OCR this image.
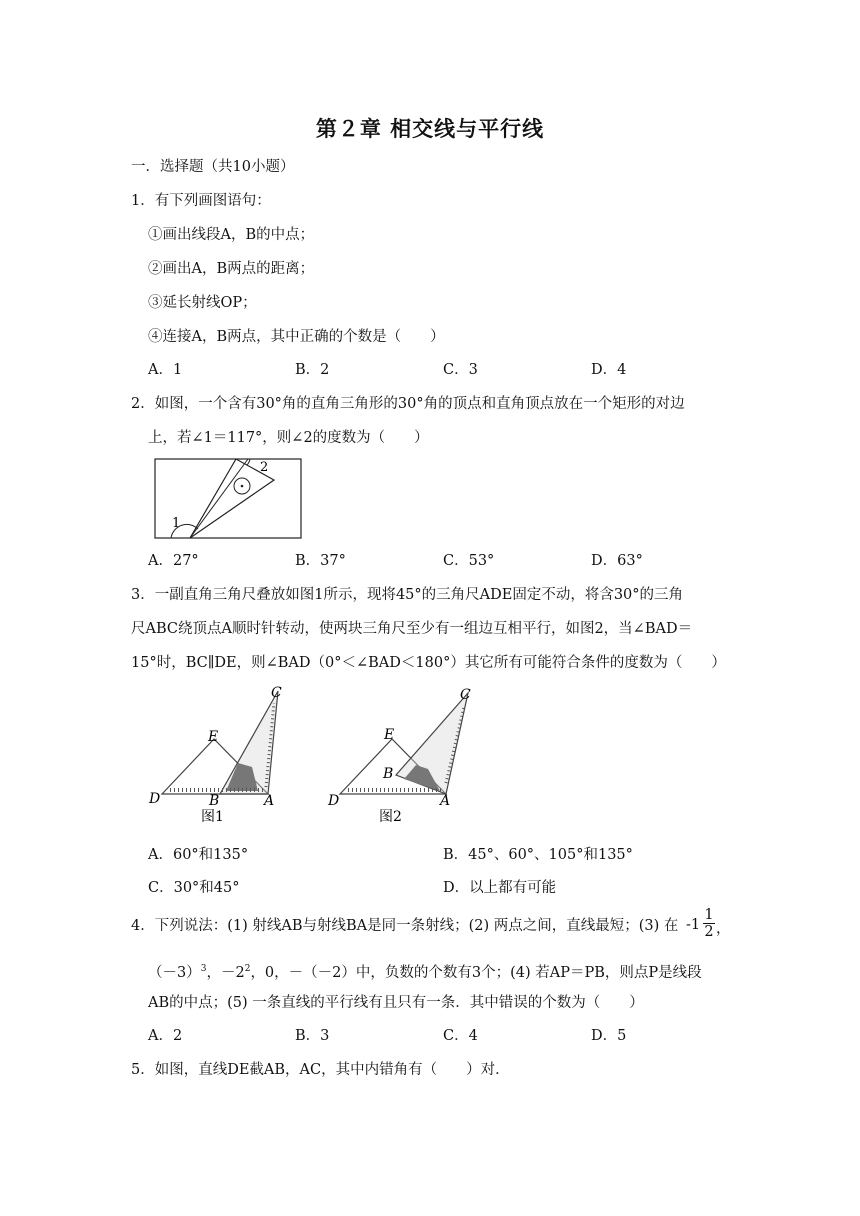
第２章 相交线与平行线
一．选择题（共10小题）
1．有下列画图语句：
①画出线段A，B的中点；
②画出A，B两点的距离；
③延长射线OP；
④连接A，B两点，其中正确的个数是（　　）
A．1	B．2	C．3	D．4
2．如图，一个含有30°角的直角三角形的30°角的顶点和直角顶点放在一个矩形的对边
上，若∠1＝117°，则∠2的度数为（　　）
1
2
A．27°	B．37°	C．53°	D．63°
3．一副直角三角尺叠放如图1所示，现将45°的三角尺ADE固定不动，将含30°的三角
尺ABC绕顶点A顺时针转动，使两块三角尺至少有一组边互相平行，如图2，当∠BAD＝
15°时，BC∥DE，则∠BAD（0°＜∠BAD＜180°）其它所有可能符合条件的度数为（　　）
C
E
D	B	A
图1
C
E
B
D	A
图2
A．60°和135°	B．45°、60°、105°和135°
C．30°和45°	D．以上都有可能
4．下列说法：(1) 射线AB与射线BA是同一条射线；(2) 两点之间，直线最短；(3) 在 -1
1
2 ，
$(-3)^3$，$-2^2$，0，－（－2）中，负数的个数有3个；(4) 若AP＝PB，则点P是线段
AB的中点；(5) 一条直线的平行线有且只有一条．其中错误的个数为（　　）
A．2	B．3	C．4	D．5
5．如图，直线DE截AB，AC，其中内错角有（　　）对．
